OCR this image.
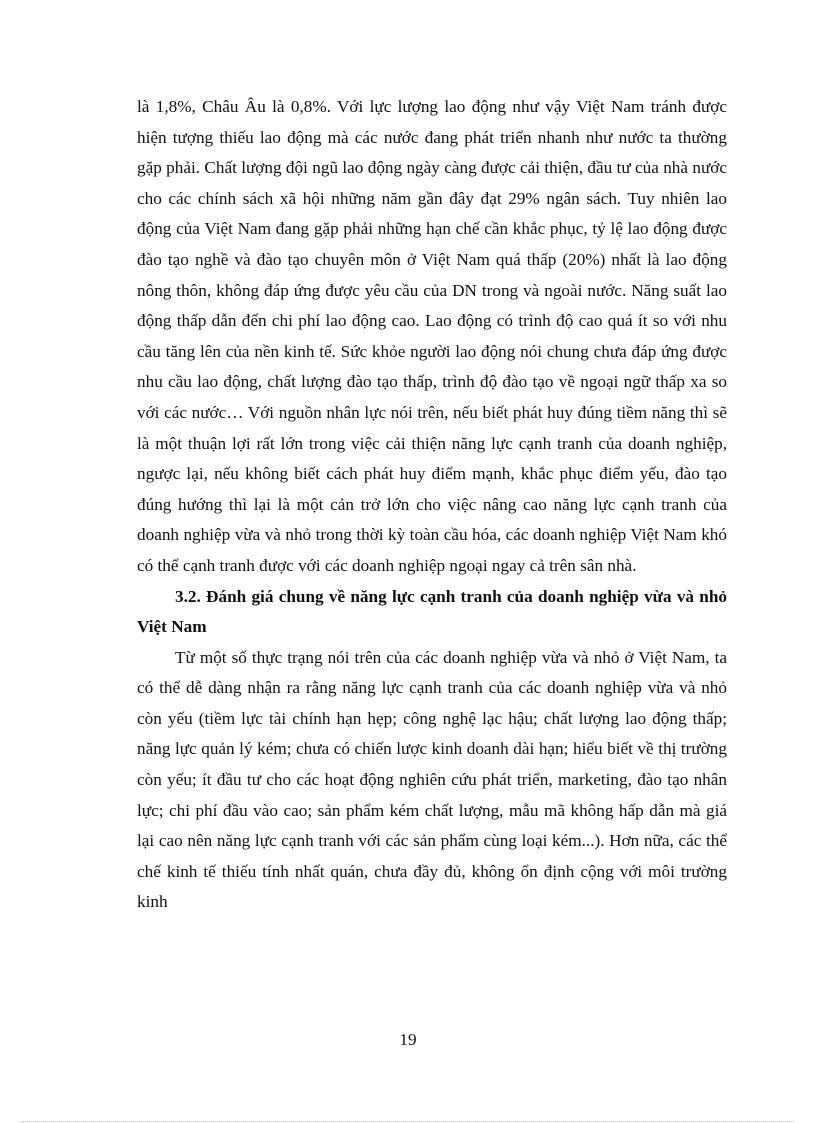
là 1,8%, Châu Âu là 0,8%. Với lực lượng lao động như vậy Việt Nam tránh được hiện tượng thiếu lao động mà các nước đang phát triển nhanh như nước ta thường gặp phải. Chất lượng đội ngũ lao động ngày càng được cải thiện, đầu tư của nhà nước cho các chính sách xã hội những năm gần đây đạt 29% ngân sách. Tuy nhiên lao động của Việt Nam đang gặp phải những hạn chế cần khắc phục, tỷ lệ lao động được đào tạo nghề và đào tạo chuyên môn ở Việt Nam quá thấp (20%) nhất là lao động nông thôn, không đáp ứng được yêu cầu của DN trong và ngoài nước. Năng suất lao động thấp dẫn đến chi phí lao động cao. Lao động có trình độ cao quá ít so với nhu cầu tăng lên của nền kinh tế. Sức khỏe người lao động nói chung chưa đáp ứng được nhu cầu lao động, chất lượng đào tạo thấp, trình độ đào tạo về ngoại ngữ thấp xa so với các nước… Với nguồn nhân lực nói trên, nếu biết phát huy đúng tiềm năng thì sẽ là một thuận lợi rất lớn trong việc cải thiện năng lực cạnh tranh của doanh nghiệp, ngược lại, nếu không biết cách phát huy điểm mạnh, khắc phục điểm yếu, đào tạo đúng hướng thì lại là một cản trở lớn cho việc nâng cao năng lực cạnh tranh của doanh nghiệp vừa và nhỏ trong thời kỳ toàn cầu hóa, các doanh nghiệp Việt Nam khó có thể cạnh tranh được với các doanh nghiệp ngoại ngay cả trên sân nhà.

3.2. Đánh giá chung về năng lực cạnh tranh của doanh nghiệp vừa và nhỏ Việt Nam

Từ một số thực trạng nói trên của các doanh nghiệp vừa và nhỏ ở Việt Nam, ta có thể dễ dàng nhận ra rằng năng lực cạnh tranh của các doanh nghiệp vừa và nhỏ còn yếu (tiềm lực tài chính hạn hẹp; công nghệ lạc hậu; chất lượng lao động thấp; năng lực quản lý kém; chưa có chiến lược kinh doanh dài hạn; hiểu biết về thị trường còn yếu; ít đầu tư cho các hoạt động nghiên cứu phát triển, marketing, đào tạo nhân lực; chi phí đầu vào cao; sản phẩm kém chất lượng, mẫu mã không hấp dẫn mà giá lại cao nên năng lực cạnh tranh với các sản phẩm cùng loại kém...). Hơn nữa, các thể chế kinh tế thiếu tính nhất quán, chưa đầy đủ, không ổn định cộng với môi trường kinh

19
